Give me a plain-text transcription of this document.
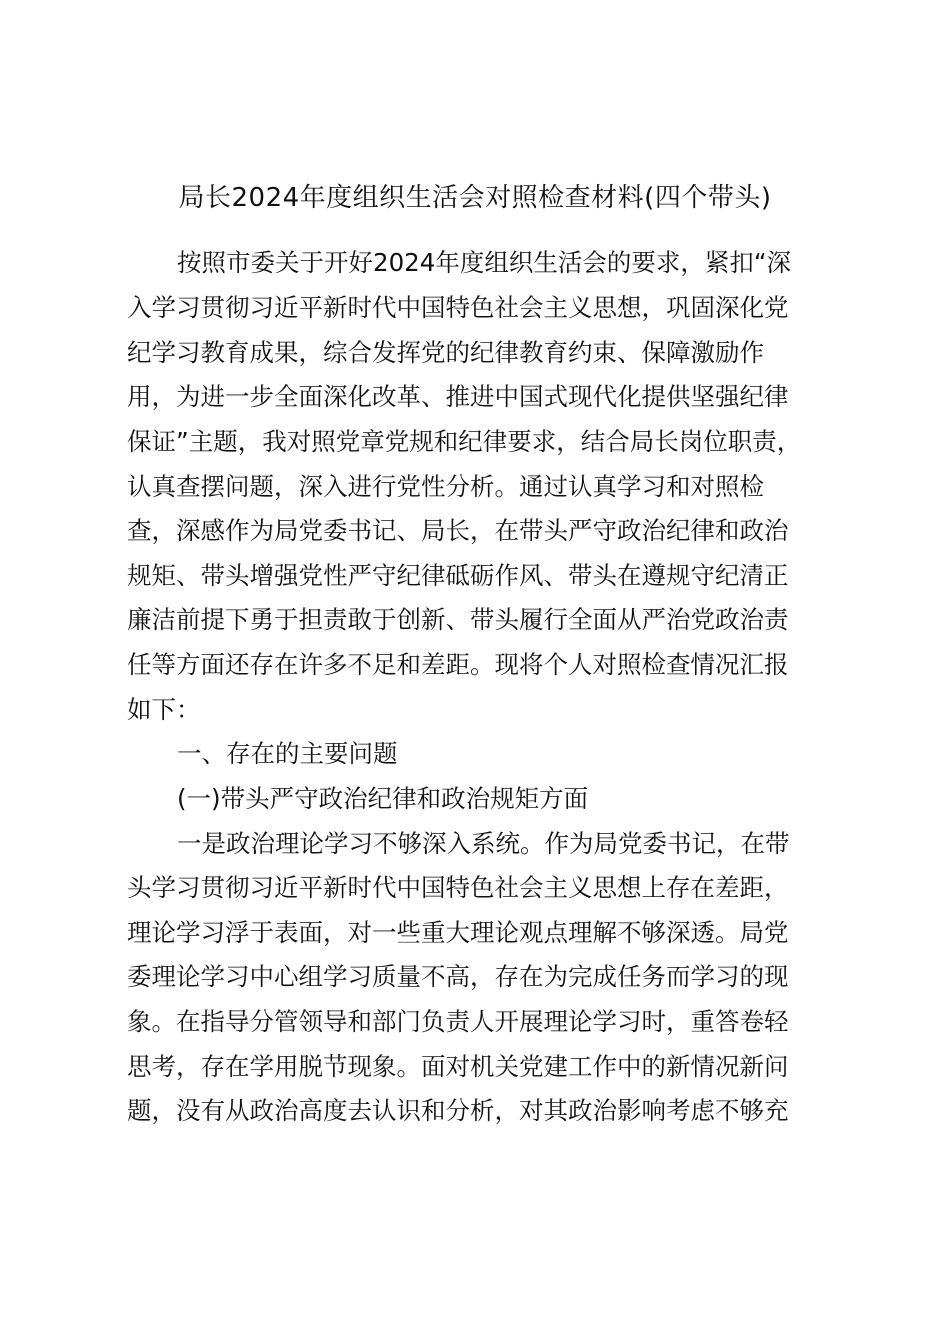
局长2024年度组织生活会对照检查材料(四个带头)
按照市委关于开好2024年度组织生活会的要求，紧扣“深
入学习贯彻习近平新时代中国特色社会主义思想，巩固深化党
纪学习教育成果，综合发挥党的纪律教育约束、保障激励作
用，为进一步全面深化改革、推进中国式现代化提供坚强纪律
保证”主题，我对照党章党规和纪律要求，结合局长岗位职责，
认真查摆问题，深入进行党性分析。通过认真学习和对照检
查，深感作为局党委书记、局长，在带头严守政治纪律和政治
规矩、带头增强党性严守纪律砥砺作风、带头在遵规守纪清正
廉洁前提下勇于担责敢于创新、带头履行全面从严治党政治责
任等方面还存在许多不足和差距。现将个人对照检查情况汇报
如下：
一、存在的主要问题
(一)带头严守政治纪律和政治规矩方面
一是政治理论学习不够深入系统。作为局党委书记，在带
头学习贯彻习近平新时代中国特色社会主义思想上存在差距，
理论学习浮于表面，对一些重大理论观点理解不够深透。局党
委理论学习中心组学习质量不高，存在为完成任务而学习的现
象。在指导分管领导和部门负责人开展理论学习时，重答卷轻
思考，存在学用脱节现象。面对机关党建工作中的新情况新问
题，没有从政治高度去认识和分析，对其政治影响考虑不够充
